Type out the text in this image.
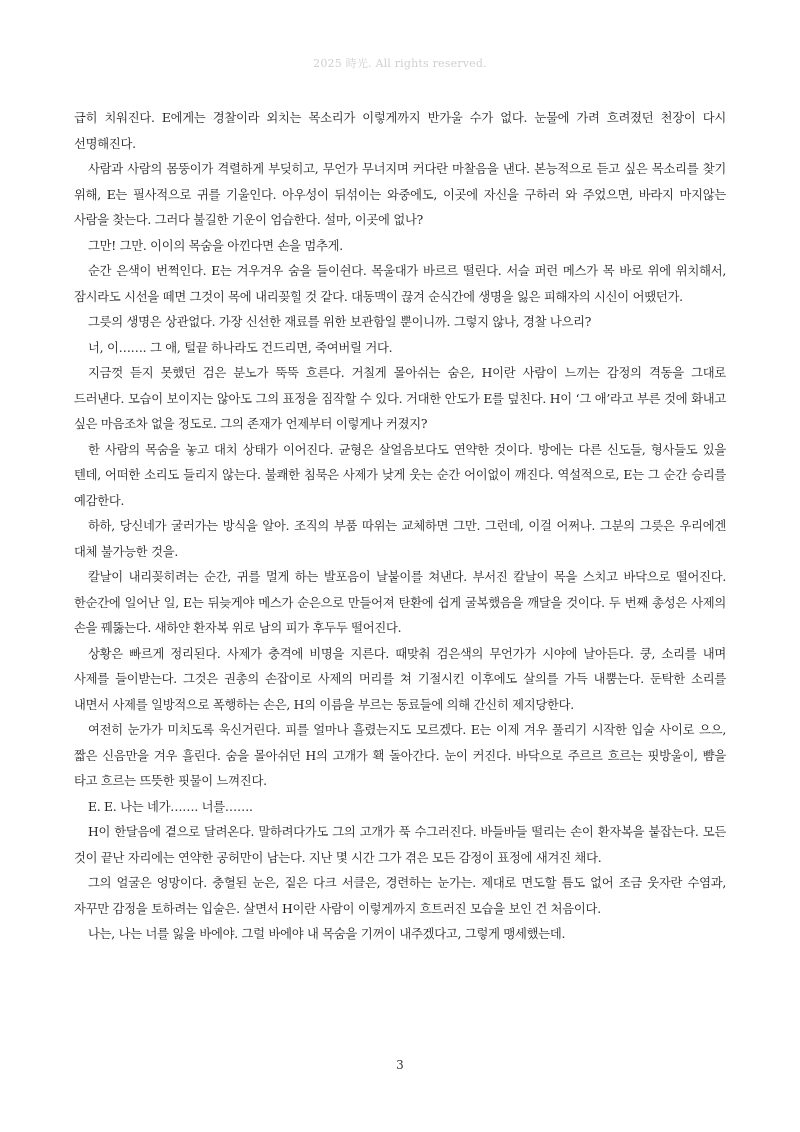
2025 時光. All rights reserved.

급히 치워진다. E에게는 경찰이라 외치는 목소리가 이렇게까지 반가울 수가 없다. 눈물에 가려 흐려졌던 천장이 다시 선명해진다.

사람과 사람의 몸뚱이가 격렬하게 부딪히고, 무언가 무너지며 커다란 마찰음을 낸다. 본능적으로 듣고 싶은 목소리를 찾기 위해, E는 필사적으로 귀를 기울인다. 아우성이 뒤섞이는 와중에도, 이곳에 자신을 구하러 와 주었으면, 바라지 마지않는 사람을 찾는다. 그러다 불길한 기운이 엄습한다. 설마, 이곳에 없나?

그만! 그만. 이이의 목숨을 아낀다면 손을 멈추게.

순간 은색이 번쩍인다. E는 겨우겨우 숨을 들이쉰다. 목울대가 바르르 떨린다. 서슬 퍼런 메스가 목 바로 위에 위치해서, 잠시라도 시선을 떼면 그것이 목에 내리꽂힐 것 같다. 대동맥이 끊겨 순식간에 생명을 잃은 피해자의 시신이 어땠던가.

그릇의 생명은 상관없다. 가장 신선한 재료를 위한 보관함일 뿐이니까. 그렇지 않나, 경찰 나으리?

너, 이……. 그 애, 털끝 하나라도 건드리면, 죽여버릴 거다.

지금껏 듣지 못했던 검은 분노가 뚝뚝 흐른다. 거칠게 몰아쉬는 숨은, H이란 사람이 느끼는 감정의 격동을 그대로 드러낸다. 모습이 보이지는 않아도 그의 표정을 짐작할 수 있다. 거대한 안도가 E를 덮친다. H이 ‘그 애’라고 부른 것에 화내고 싶은 마음조차 없을 정도로. 그의 존재가 언제부터 이렇게나 커졌지?

한 사람의 목숨을 놓고 대치 상태가 이어진다. 균형은 살얼음보다도 연약한 것이다. 방에는 다른 신도들, 형사들도 있을 텐데, 어떠한 소리도 들리지 않는다. 불쾌한 침묵은 사제가 낮게 웃는 순간 어이없이 깨진다. 역설적으로, E는 그 순간 승리를 예감한다.

하하, 당신네가 굴러가는 방식을 알아. 조직의 부품 따위는 교체하면 그만. 그런데, 이걸 어쩌나. 그분의 그릇은 우리에겐 대체 불가능한 것을.

칼날이 내리꽂히려는 순간, 귀를 멀게 하는 발포음이 날붙이를 쳐낸다. 부서진 칼날이 목을 스치고 바닥으로 떨어진다. 한순간에 일어난 일, E는 뒤늦게야 메스가 순은으로 만들어져 탄환에 쉽게 굴복했음을 깨달을 것이다. 두 번째 총성은 사제의 손을 꿰뚫는다. 새하얀 환자복 위로 남의 피가 후두두 떨어진다.

상황은 빠르게 정리된다. 사제가 충격에 비명을 지른다. 때맞춰 검은색의 무언가가 시야에 날아든다. 쿵, 소리를 내며 사제를 들이받는다. 그것은 권총의 손잡이로 사제의 머리를 쳐 기절시킨 이후에도 살의를 가득 내뿜는다. 둔탁한 소리를 내면서 사제를 일방적으로 폭행하는 손은, H의 이름을 부르는 동료들에 의해 간신히 제지당한다.

여전히 눈가가 미치도록 욱신거린다. 피를 얼마나 흘렸는지도 모르겠다. E는 이제 겨우 풀리기 시작한 입술 사이로 으으, 짧은 신음만을 겨우 흘린다. 숨을 몰아쉬던 H의 고개가 홱 돌아간다. 눈이 커진다. 바닥으로 주르르 흐르는 핏방울이, 뺨을 타고 흐르는 뜨뜻한 핏물이 느껴진다.

E. E. 나는 네가……. 너를…….

H이 한달음에 곁으로 달려온다. 말하려다가도 그의 고개가 푹 수그러진다. 바들바들 떨리는 손이 환자복을 붙잡는다. 모든 것이 끝난 자리에는 연약한 공허만이 남는다. 지난 몇 시간 그가 겪은 모든 감정이 표정에 새겨진 채다.

그의 얼굴은 엉망이다. 충혈된 눈은, 짙은 다크 서클은, 경련하는 눈가는. 제대로 면도할 틈도 없어 조금 웃자란 수염과, 자꾸만 감정을 토하려는 입술은. 살면서 H이란 사람이 이렇게까지 흐트러진 모습을 보인 건 처음이다.

나는, 나는 너를 잃을 바에야. 그럴 바에야 내 목숨을 기꺼이 내주겠다고, 그렇게 맹세했는데.

3
